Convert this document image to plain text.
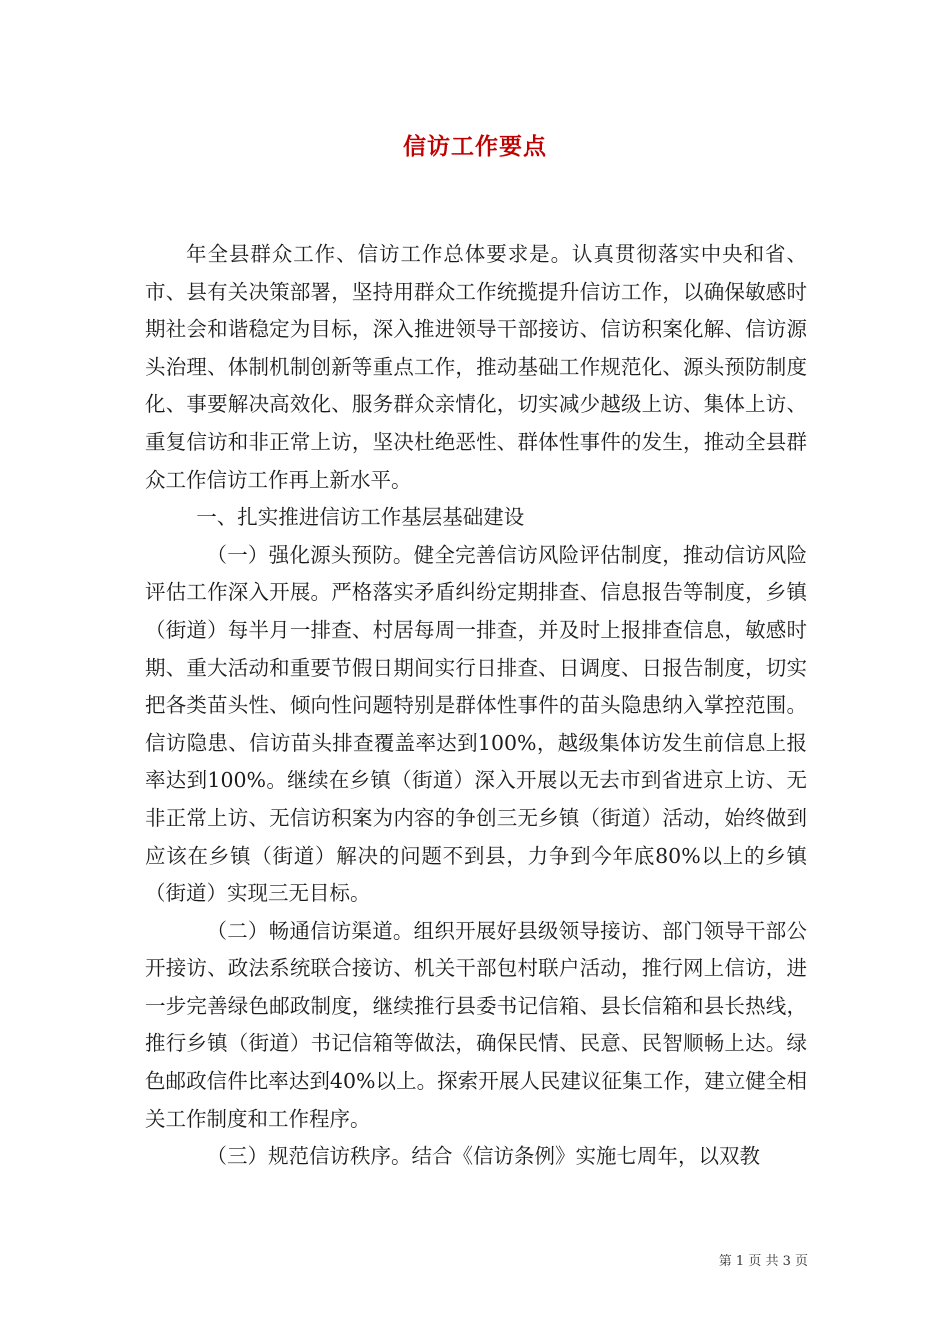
信访工作要点

年全县群众工作、信访工作总体要求是。认真贯彻落实中央和省、市、县有关决策部署，坚持用群众工作统揽提升信访工作，以确保敏感时期社会和谐稳定为目标，深入推进领导干部接访、信访积案化解、信访源头治理、体制机制创新等重点工作，推动基础工作规范化、源头预防制度化、事要解决高效化、服务群众亲情化，切实减少越级上访、集体上访、重复信访和非正常上访，坚决杜绝恶性、群体性事件的发生，推动全县群众工作信访工作再上新水平。

一、扎实推进信访工作基层基础建设

（一）强化源头预防。健全完善信访风险评估制度，推动信访风险评估工作深入开展。严格落实矛盾纠纷定期排查、信息报告等制度，乡镇（街道）每半月一排查、村居每周一排查，并及时上报排查信息，敏感时期、重大活动和重要节假日期间实行日排查、日调度、日报告制度，切实把各类苗头性、倾向性问题特别是群体性事件的苗头隐患纳入掌控范围。信访隐患、信访苗头排查覆盖率达到100%，越级集体访发生前信息上报率达到100%。继续在乡镇（街道）深入开展以无去市到省进京上访、无非正常上访、无信访积案为内容的争创三无乡镇（街道）活动，始终做到应该在乡镇（街道）解决的问题不到县，力争到今年底80%以上的乡镇（街道）实现三无目标。

（二）畅通信访渠道。组织开展好县级领导接访、部门领导干部公开接访、政法系统联合接访、机关干部包村联户活动，推行网上信访，进一步完善绿色邮政制度，继续推行县委书记信箱、县长信箱和县长热线，推行乡镇（街道）书记信箱等做法，确保民情、民意、民智顺畅上达。绿色邮政信件比率达到40%以上。探索开展人民建议征集工作，建立健全相关工作制度和工作程序。

（三）规范信访秩序。结合《信访条例》实施七周年，以双教

第 1 页 共 3 页
